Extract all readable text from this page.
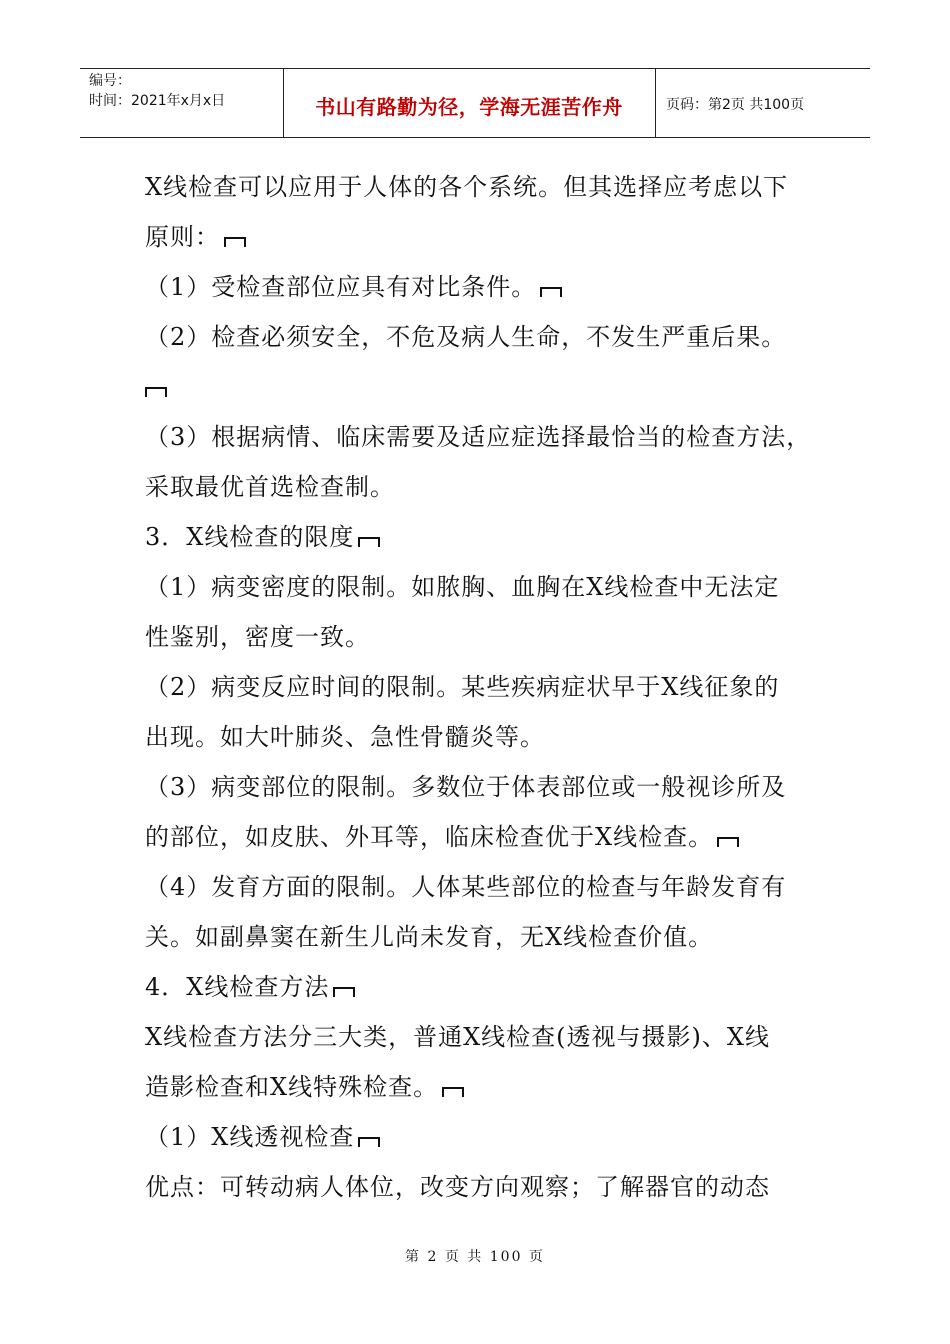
编号：
时间：2021年x月x日	书山有路勤为径，学海无涯苦作舟	页码：第2页 共100页
X线检查可以应用于人体的各个系统。但其选择应考虑以下
原则：
（1）受检查部位应具有对比条件。
（2）检查必须安全，不危及病人生命，不发生严重后果。
（3）根据病情、临床需要及适应症选择最恰当的检查方法，
采取最优首选检查制。
3．X线检查的限度
（1）病变密度的限制。如脓胸、血胸在X线检查中无法定
性鉴别，密度一致。
（2）病变反应时间的限制。某些疾病症状早于X线征象的
出现。如大叶肺炎、急性骨髓炎等。
（3）病变部位的限制。多数位于体表部位或一般视诊所及
的部位，如皮肤、外耳等，临床检查优于X线检查。
（4）发育方面的限制。人体某些部位的检查与年龄发育有
关。如副鼻窦在新生儿尚未发育，无X线检查价值。
4．X线检查方法
X线检查方法分三大类，普通X线检查(透视与摄影)、X线
造影检查和X线特殊检查。
（1）X线透视检查
优点：可转动病人体位，改变方向观察；了解器官的动态
第 2 页 共 100 页
